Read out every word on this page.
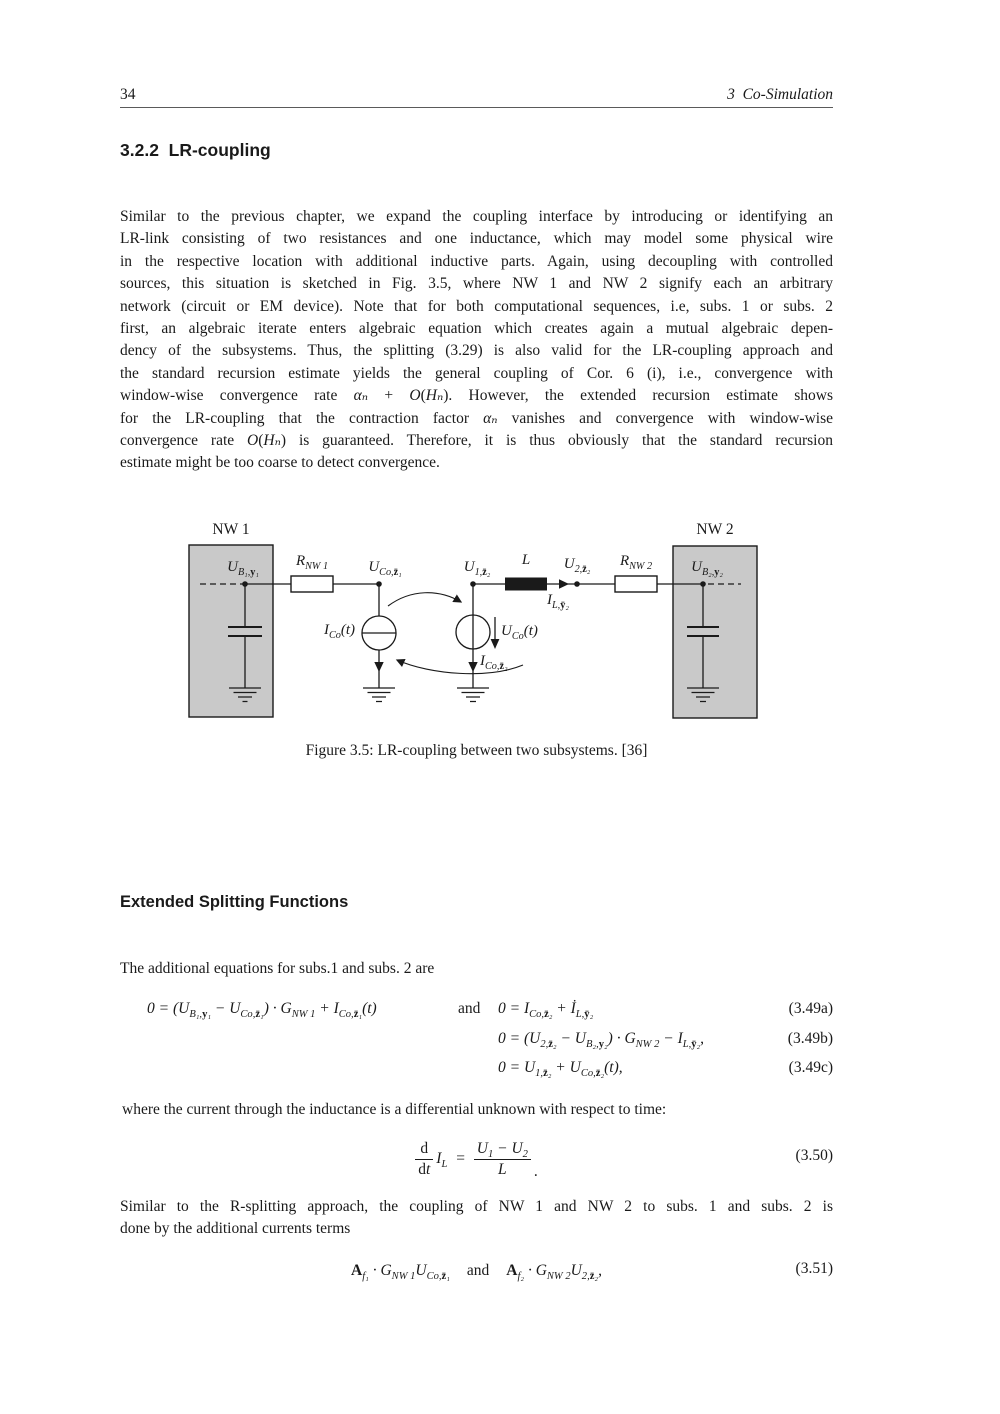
34	3  Co-Simulation
3.2.2  LR-coupling
Similar to the previous chapter, we expand the coupling interface by introducing or identifying an
LR-link consisting of two resistances and one inductance, which may model some physical wire
in the respective location with additional inductive parts. Again, using decoupling with controlled
sources, this situation is sketched in Fig. 3.5, where NW 1 and NW 2 signify each an arbitrary
network (circuit or EM device). Note that for both computational sequences, i.e, subs. 1 or subs. 2
first, an algebraic iterate enters algebraic equation which creates again a mutual algebraic depen-
dency of the subsystems. Thus, the splitting (3.29) is also valid for the LR-coupling approach and
the standard recursion estimate yields the general coupling of Cor. 6 (i), i.e., convergence with
window-wise convergence rate αₙ + O(Hₙ). However, the extended recursion estimate shows
for the LR-coupling that the contraction factor αₙ vanishes and convergence with window-wise
convergence rate O(Hₙ) is guaranteed. Therefore, it is thus obviously that the standard recursion
estimate might be too coarse to detect convergence.
NW 1
$U_{B_1,y_1}$
$R_{NW 1}$	$U_{Co,z̄_1}$
$I_{Co}(t)$
$U_{1,z̄_2}$
$U_{Co}(t)$
$I_{Co,z̄_2}$
L	$U_{2,z̄_2}$
$I_{L,ȳ_2}$
$R_{NW 2}$
NW 2
$U_{B_2,y_2}$
Figure 3.5: LR-coupling between two subsystems. [36]
Extended Splitting Functions
The additional equations for subs.1 and subs. 2 are
$0 = (U_{B_1,y_1} - U_{Co,z̄_1}) \cdot G_{NW 1} + I_{Co,z̄_1}(t)$	and $0 = I_{Co,z̄_2}$ + $İ_{L,ȳ_2}$	(3.49a)
$0 = (U_{2,z̄_2} - U_{B_2,y_2}) \cdot G_{NW 2} - I_{L,ȳ_2}$,	(3.49b)
$0 = U_{1,z̄_2} + U_{Co,z̄_2}(t)$,	(3.49c)
where the current through the inductance is a differential unknown with respect to time:
$\frac{d}{dt} I_L = \frac{U_1 - U_2}{L}$ .
(3.50)
Similar to the R-splitting approach, the coupling of NW 1 and NW 2 to subs. 1 and subs. 2 is
done by the additional currents terms
$A_{f_1} \cdot G_{NW 1}U_{Co,z̄_1}$ and $A_{f_2} \cdot G_{NW 2}U_{2,z̄_2}$,	(3.51)
